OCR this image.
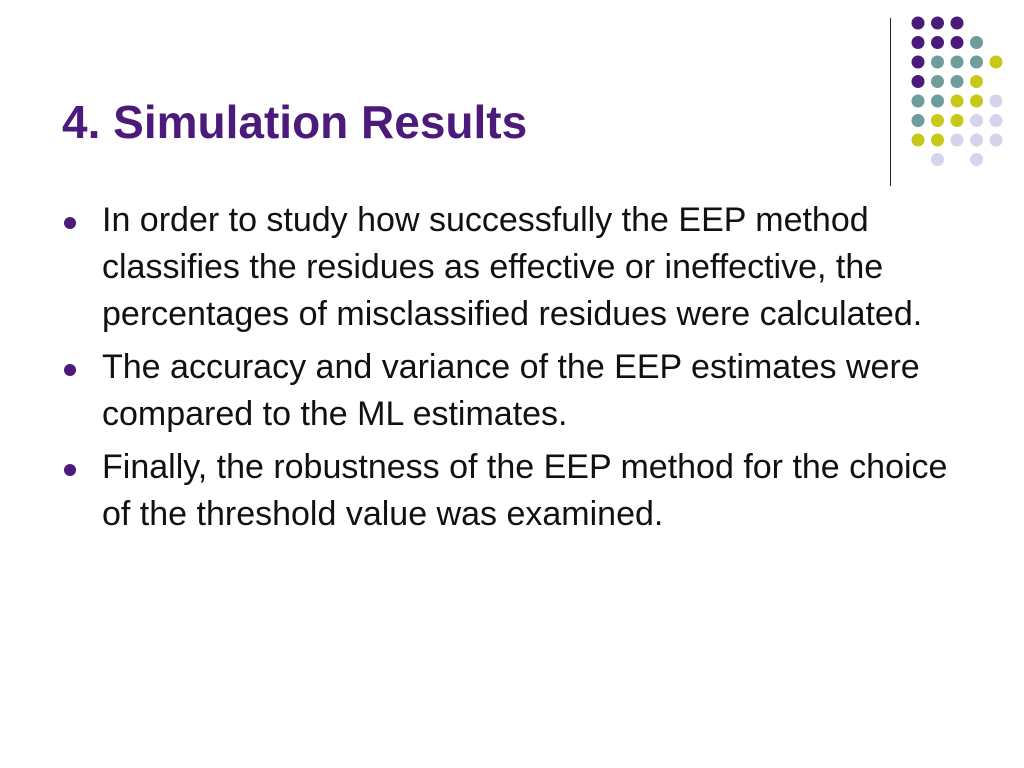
4. Simulation Results
In order to study how successfully the EEP method classifies the residues as effective or ineffective, the percentages of misclassified residues were calculated.
The accuracy and variance of the EEP estimates were compared to the ML estimates.
Finally, the robustness of the EEP method for the choice of the threshold value was examined.
